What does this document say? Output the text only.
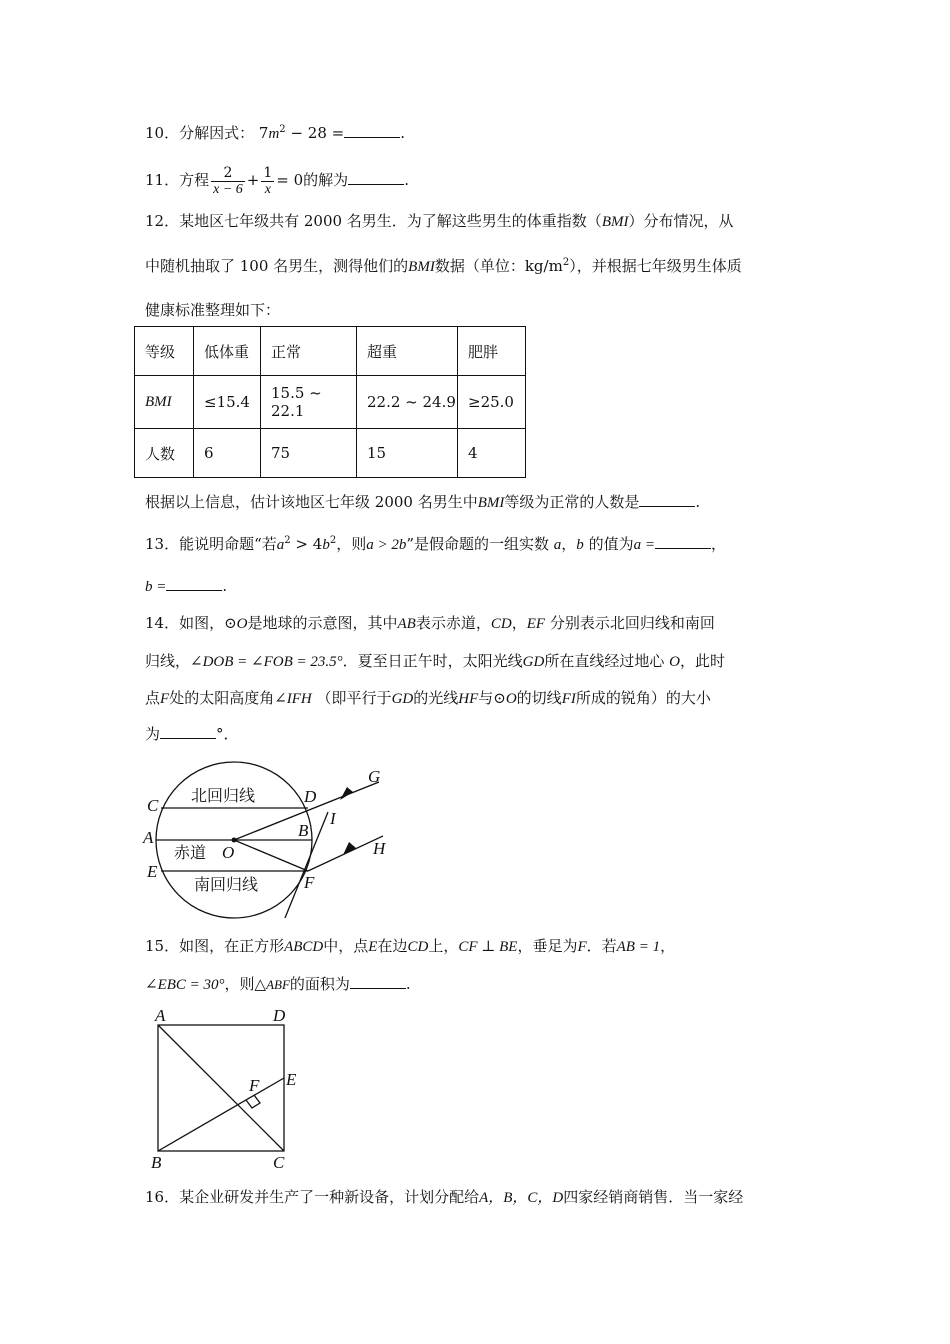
10．分解因式： $7m^2 - 28$ =	.
11．方程 $\frac{2}{x - 6} + \frac{1}{x} = 0$的解为	.
12．某地区七年级共有 2000 名男生．为了解这些男生的体重指数（BMI）分布情况，从
中随机抽取了 100 名男生，测得他们的BMI数据（单位：$kg/m^2$），并根据七年级男生体质
健康标准整理如下：
等级	低体重	正常	超重	肥胖
BMI	≤15.4	15.5 ~ 22.1	22.2 ~ 24.9	≥25.0
人数	6	75	15	4
根据以上信息，估计该地区七年级 2000 名男生中BMI等级为正常的人数是	.
13．能说明命题“若$a^2 > 4b^2$，则a > 2b”是假命题的一组实数 a，b 的值为a =	，
b =	.
14．如图，⊙O是地球的示意图，其中AB表示赤道，CD，EF 分别表示北回归线和南回
归线，∠DOB = ∠FOB = 23.5°．夏至日正午时，太阳光线GD所在直线经过地心 O，此时
点F处的太阳高度角∠IFH （即平行于GD的光线HF与⊙O的切线FI所成的锐角）的大小
为	°．
北回归线
赤道
南回归线
C
A
E
D
B
O
F
G
I
H
15．如图，在正方形ABCD中，点E在边CD上，CF ⊥ BE，垂足为F．若AB = 1，
∠EBC = 30°，则△ABF的面积为	.
A	D
F E
B	C
16．某企业研发并生产了一种新设备，计划分配给A，B，C，D四家经销商销售．当一家经
